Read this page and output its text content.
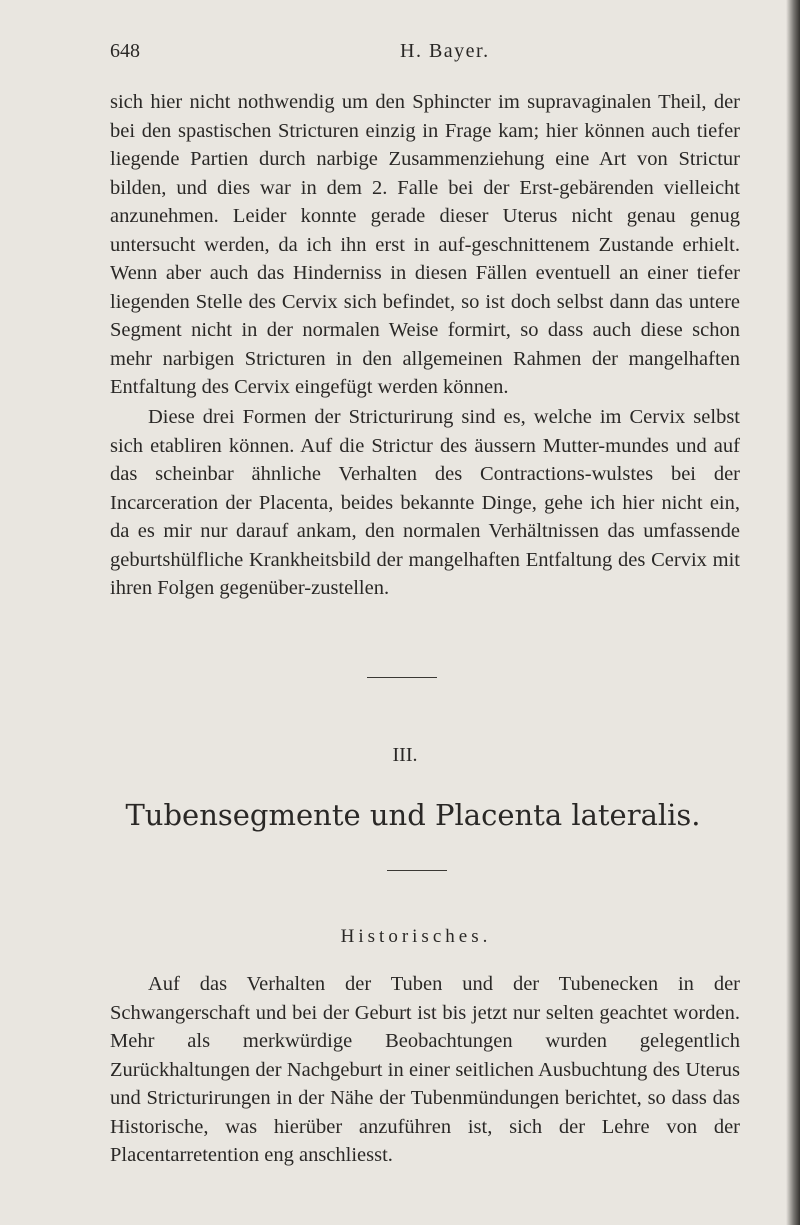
648	H. Bayer.

sich hier nicht nothwendig um den Sphincter im supravaginalen Theil, der bei den spastischen Stricturen einzig in Frage kam; hier können auch tiefer liegende Partien durch narbige Zusammenziehung eine Art von Strictur bilden, und dies war in dem 2. Falle bei der Erst-gebärenden vielleicht anzunehmen. Leider konnte gerade dieser Uterus nicht genau genug untersucht werden, da ich ihn erst in auf-geschnittenem Zustande erhielt. Wenn aber auch das Hinderniss in diesen Fällen eventuell an einer tiefer liegenden Stelle des Cervix sich befindet, so ist doch selbst dann das untere Segment nicht in der normalen Weise formirt, so dass auch diese schon mehr narbigen Stricturen in den allgemeinen Rahmen der mangelhaften Entfaltung des Cervix eingefügt werden können.

Diese drei Formen der Stricturirung sind es, welche im Cervix selbst sich etabliren können. Auf die Strictur des äussern Mutter-mundes und auf das scheinbar ähnliche Verhalten des Contractions-wulstes bei der Incarceration der Placenta, beides bekannte Dinge, gehe ich hier nicht ein, da es mir nur darauf ankam, den normalen Verhältnissen das umfassende geburtshülfliche Krankheitsbild der mangelhaften Entfaltung des Cervix mit ihren Folgen gegenüber-zustellen.

III.
Tubensegmente und Placenta lateralis.
Historisches.

Auf das Verhalten der Tuben und der Tubenecken in der Schwangerschaft und bei der Geburt ist bis jetzt nur selten geachtet worden. Mehr als merkwürdige Beobachtungen wurden gelegentlich Zurückhaltungen der Nachgeburt in einer seitlichen Ausbuchtung des Uterus und Stricturirungen in der Nähe der Tubenmündungen berichtet, so dass das Historische, was hierüber anzuführen ist, sich der Lehre von der Placentarretention eng anschliesst.
